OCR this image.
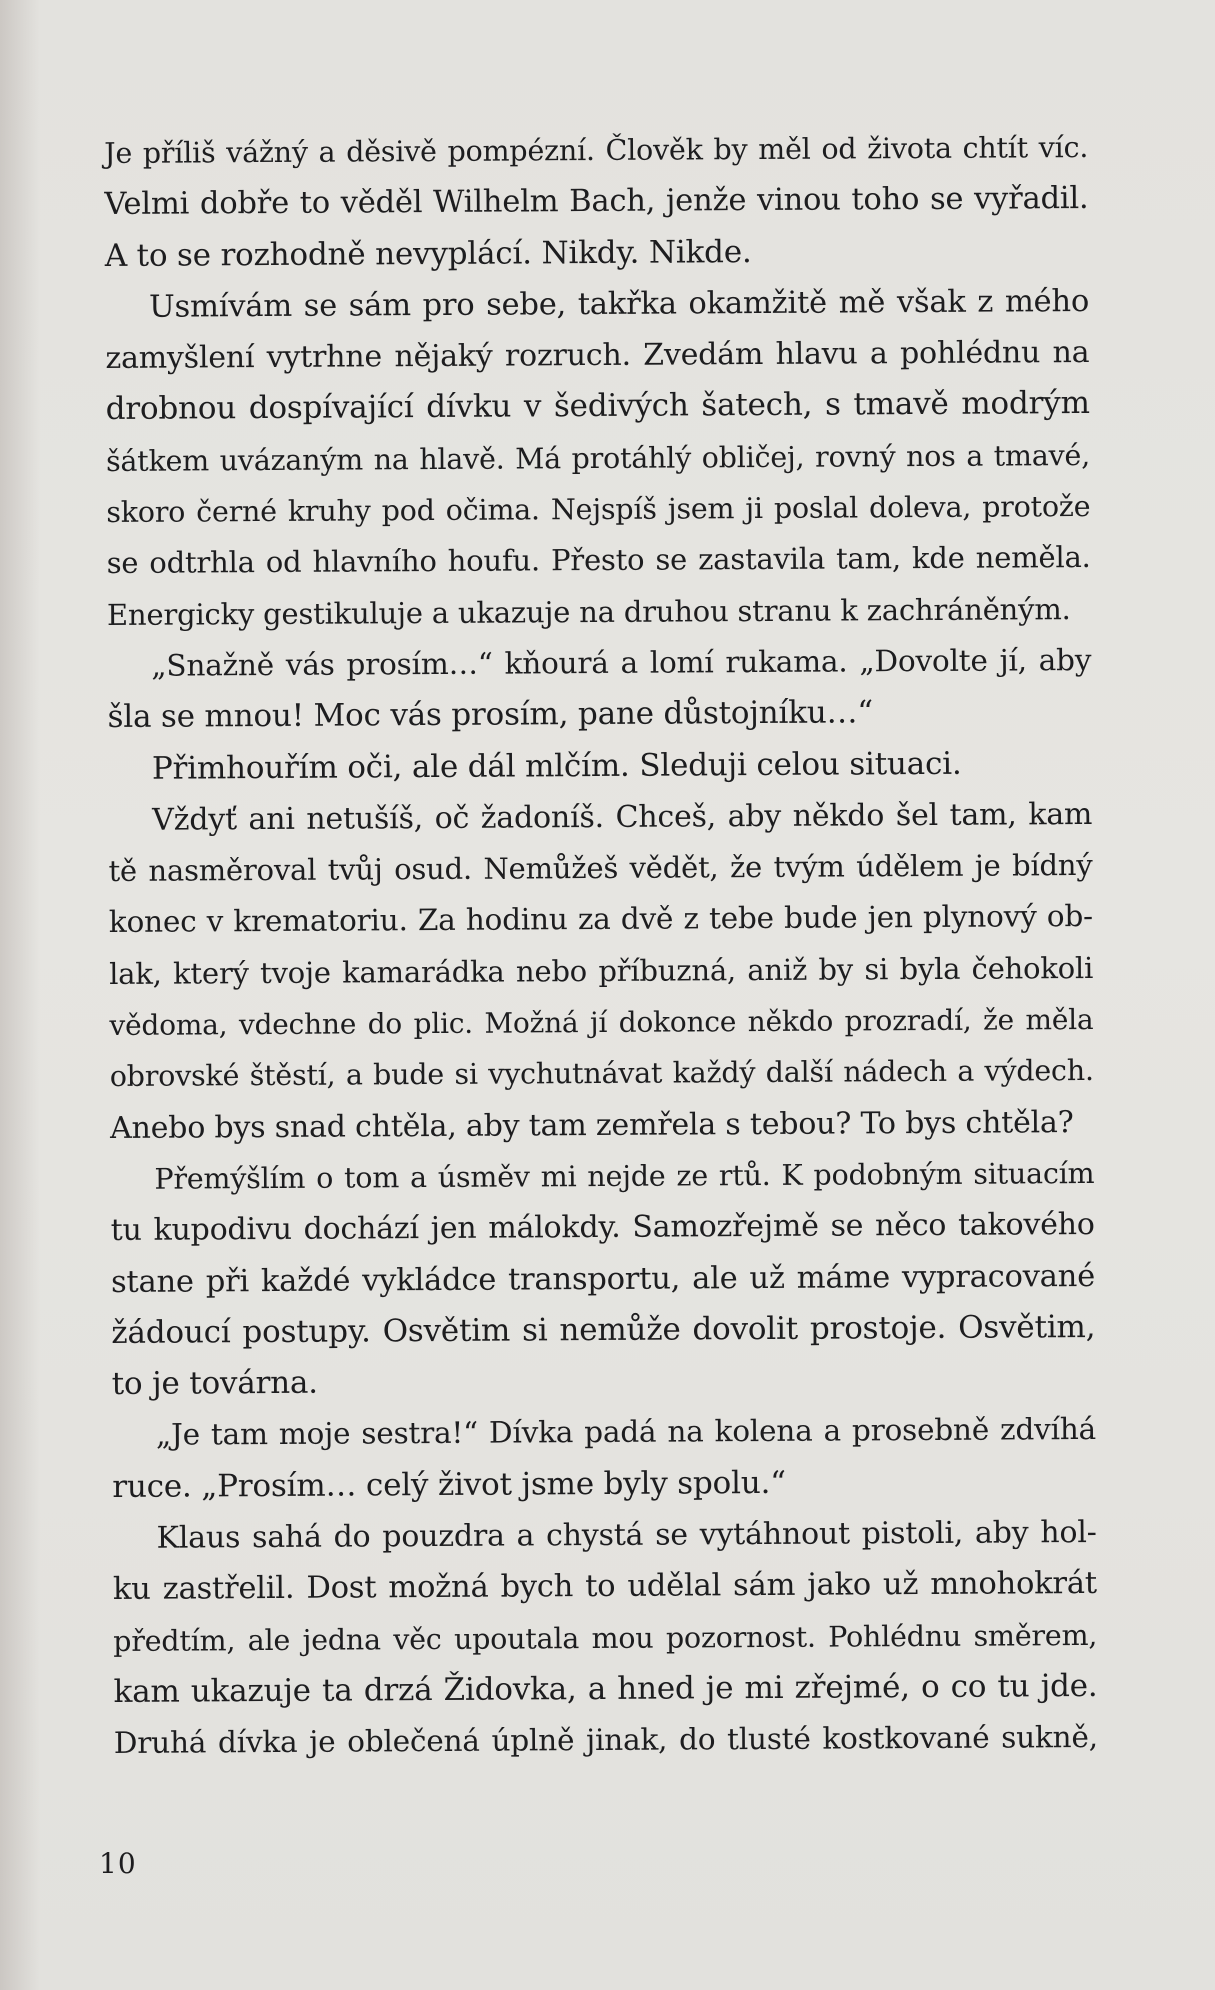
Je příliš vážný a děsivě pompézní. Člověk by měl od života chtít víc.
Velmi dobře to věděl Wilhelm Bach, jenže vinou toho se vyřadil.
A to se rozhodně nevyplácí. Nikdy. Nikde.
Usmívám se sám pro sebe, takřka okamžitě mě však z mého
zamyšlení vytrhne nějaký rozruch. Zvedám hlavu a pohlédnu na
drobnou dospívající dívku v šedivých šatech, s tmavě modrým
šátkem uvázaným na hlavě. Má protáhlý obličej, rovný nos a tmavé,
skoro černé kruhy pod očima. Nejspíš jsem ji poslal doleva, protože
se odtrhla od hlavního houfu. Přesto se zastavila tam, kde neměla.
Energicky gestikuluje a ukazuje na druhou stranu k zachráněným.
„Snažně vás prosím…“ kňourá a lomí rukama. „Dovolte jí, aby
šla se mnou! Moc vás prosím, pane důstojníku…“
Přimhouřím oči, ale dál mlčím. Sleduji celou situaci.
Vždyť ani netušíš, oč žadoníš. Chceš, aby někdo šel tam, kam
tě nasměroval tvůj osud. Nemůžeš vědět, že tvým údělem je bídný
konec v krematoriu. Za hodinu za dvě z tebe bude jen plynový ob-
lak, který tvoje kamarádka nebo příbuzná, aniž by si byla čehokoli
vědoma, vdechne do plic. Možná jí dokonce někdo prozradí, že měla
obrovské štěstí, a bude si vychutnávat každý další nádech a výdech.
Anebo bys snad chtěla, aby tam zemřela s tebou? To bys chtěla?
Přemýšlím o tom a úsměv mi nejde ze rtů. K podobným situacím
tu kupodivu dochází jen málokdy. Samozřejmě se něco takového
stane při každé vykládce transportu, ale už máme vypracované
žádoucí postupy. Osvětim si nemůže dovolit prostoje. Osvětim,
to je továrna.
„Je tam moje sestra!“ Dívka padá na kolena a prosebně zdvíhá
ruce. „Prosím… celý život jsme byly spolu.“
Klaus sahá do pouzdra a chystá se vytáhnout pistoli, aby hol-
ku zastřelil. Dost možná bych to udělal sám jako už mnohokrát
předtím, ale jedna věc upoutala mou pozornost. Pohlédnu směrem,
kam ukazuje ta drzá Židovka, a hned je mi zřejmé, o co tu jde.
Druhá dívka je oblečená úplně jinak, do tlusté kostkované sukně,
10
